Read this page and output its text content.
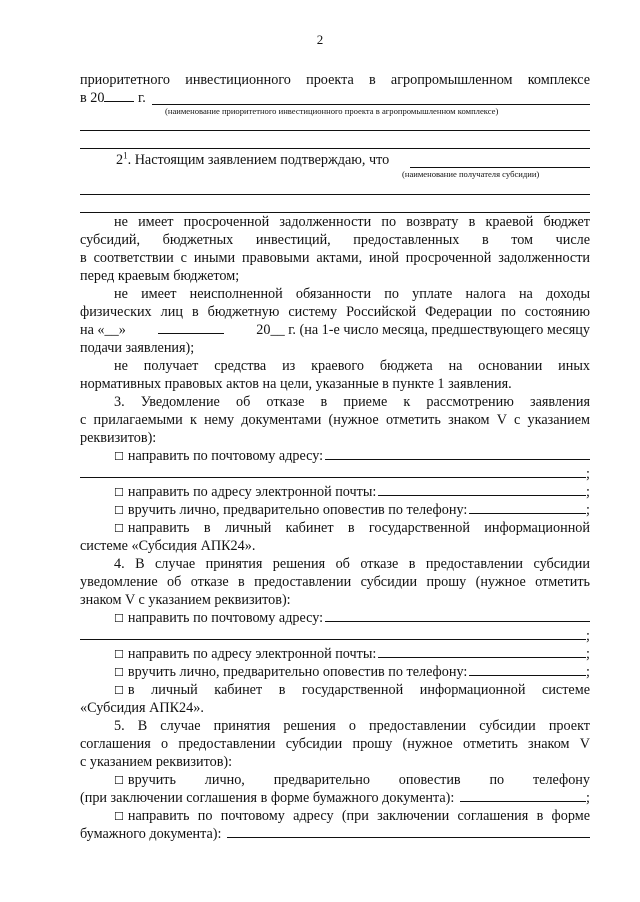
2
приоритетного инвестиционного проекта в агропромышленном комплексе
в 20 г.
(наименование приоритетного инвестиционного проекта в агропромышленном комплексе)
$2^1$. Настоящим заявлением подтверждаю, что
(наименование получателя субсидии)
не имеет просроченной задолженности по возврату в краевой бюджет
субсидий, бюджетных инвестиций, предоставленных в том числе
в соответствии с иными правовыми актами, иной просроченной задолженности
перед краевым бюджетом;
не имеет неисполненной обязанности по уплате налога на доходы
физических лиц в бюджетную систему Российской Федерации по состоянию
на «__»	20__ г. (на 1-е число месяца, предшествующего месяцу
подачи заявления);
не получает средства из краевого бюджета на основании иных
нормативных правовых актов на цели, указанные в пункте 1 заявления.
3. Уведомление об отказе в приеме к рассмотрению заявления
с прилагаемыми к нему документами (нужное отметить знаком V с указанием
реквизитов):
☐ направить по почтовому адресу:
;
☐ направить по адресу электронной почты:	;
☐ вручить лично, предварительно оповестив по телефону:	;
☐ направить в личный кабинет в государственной информационной
системе «Субсидия АПК24».
4. В случае принятия решения об отказе в предоставлении субсидии
уведомление об отказе в предоставлении субсидии прошу (нужное отметить
знаком V с указанием реквизитов):
☐ направить по почтовому адресу:
;
☐ направить по адресу электронной почты:	;
☐ вручить лично, предварительно оповестив по телефону:	;
☐ в личный кабинет в государственной информационной системе
«Субсидия АПК24».
5. В случае принятия решения о предоставлении субсидии проект
соглашения о предоставлении субсидии прошу (нужное отметить знаком V
с указанием реквизитов):
☐ вручить лично, предварительно оповестив по телефону
(при заключении соглашения в форме бумажного документа):	;
☐ направить по почтовому адресу (при заключении соглашения в форме
бумажного документа):
